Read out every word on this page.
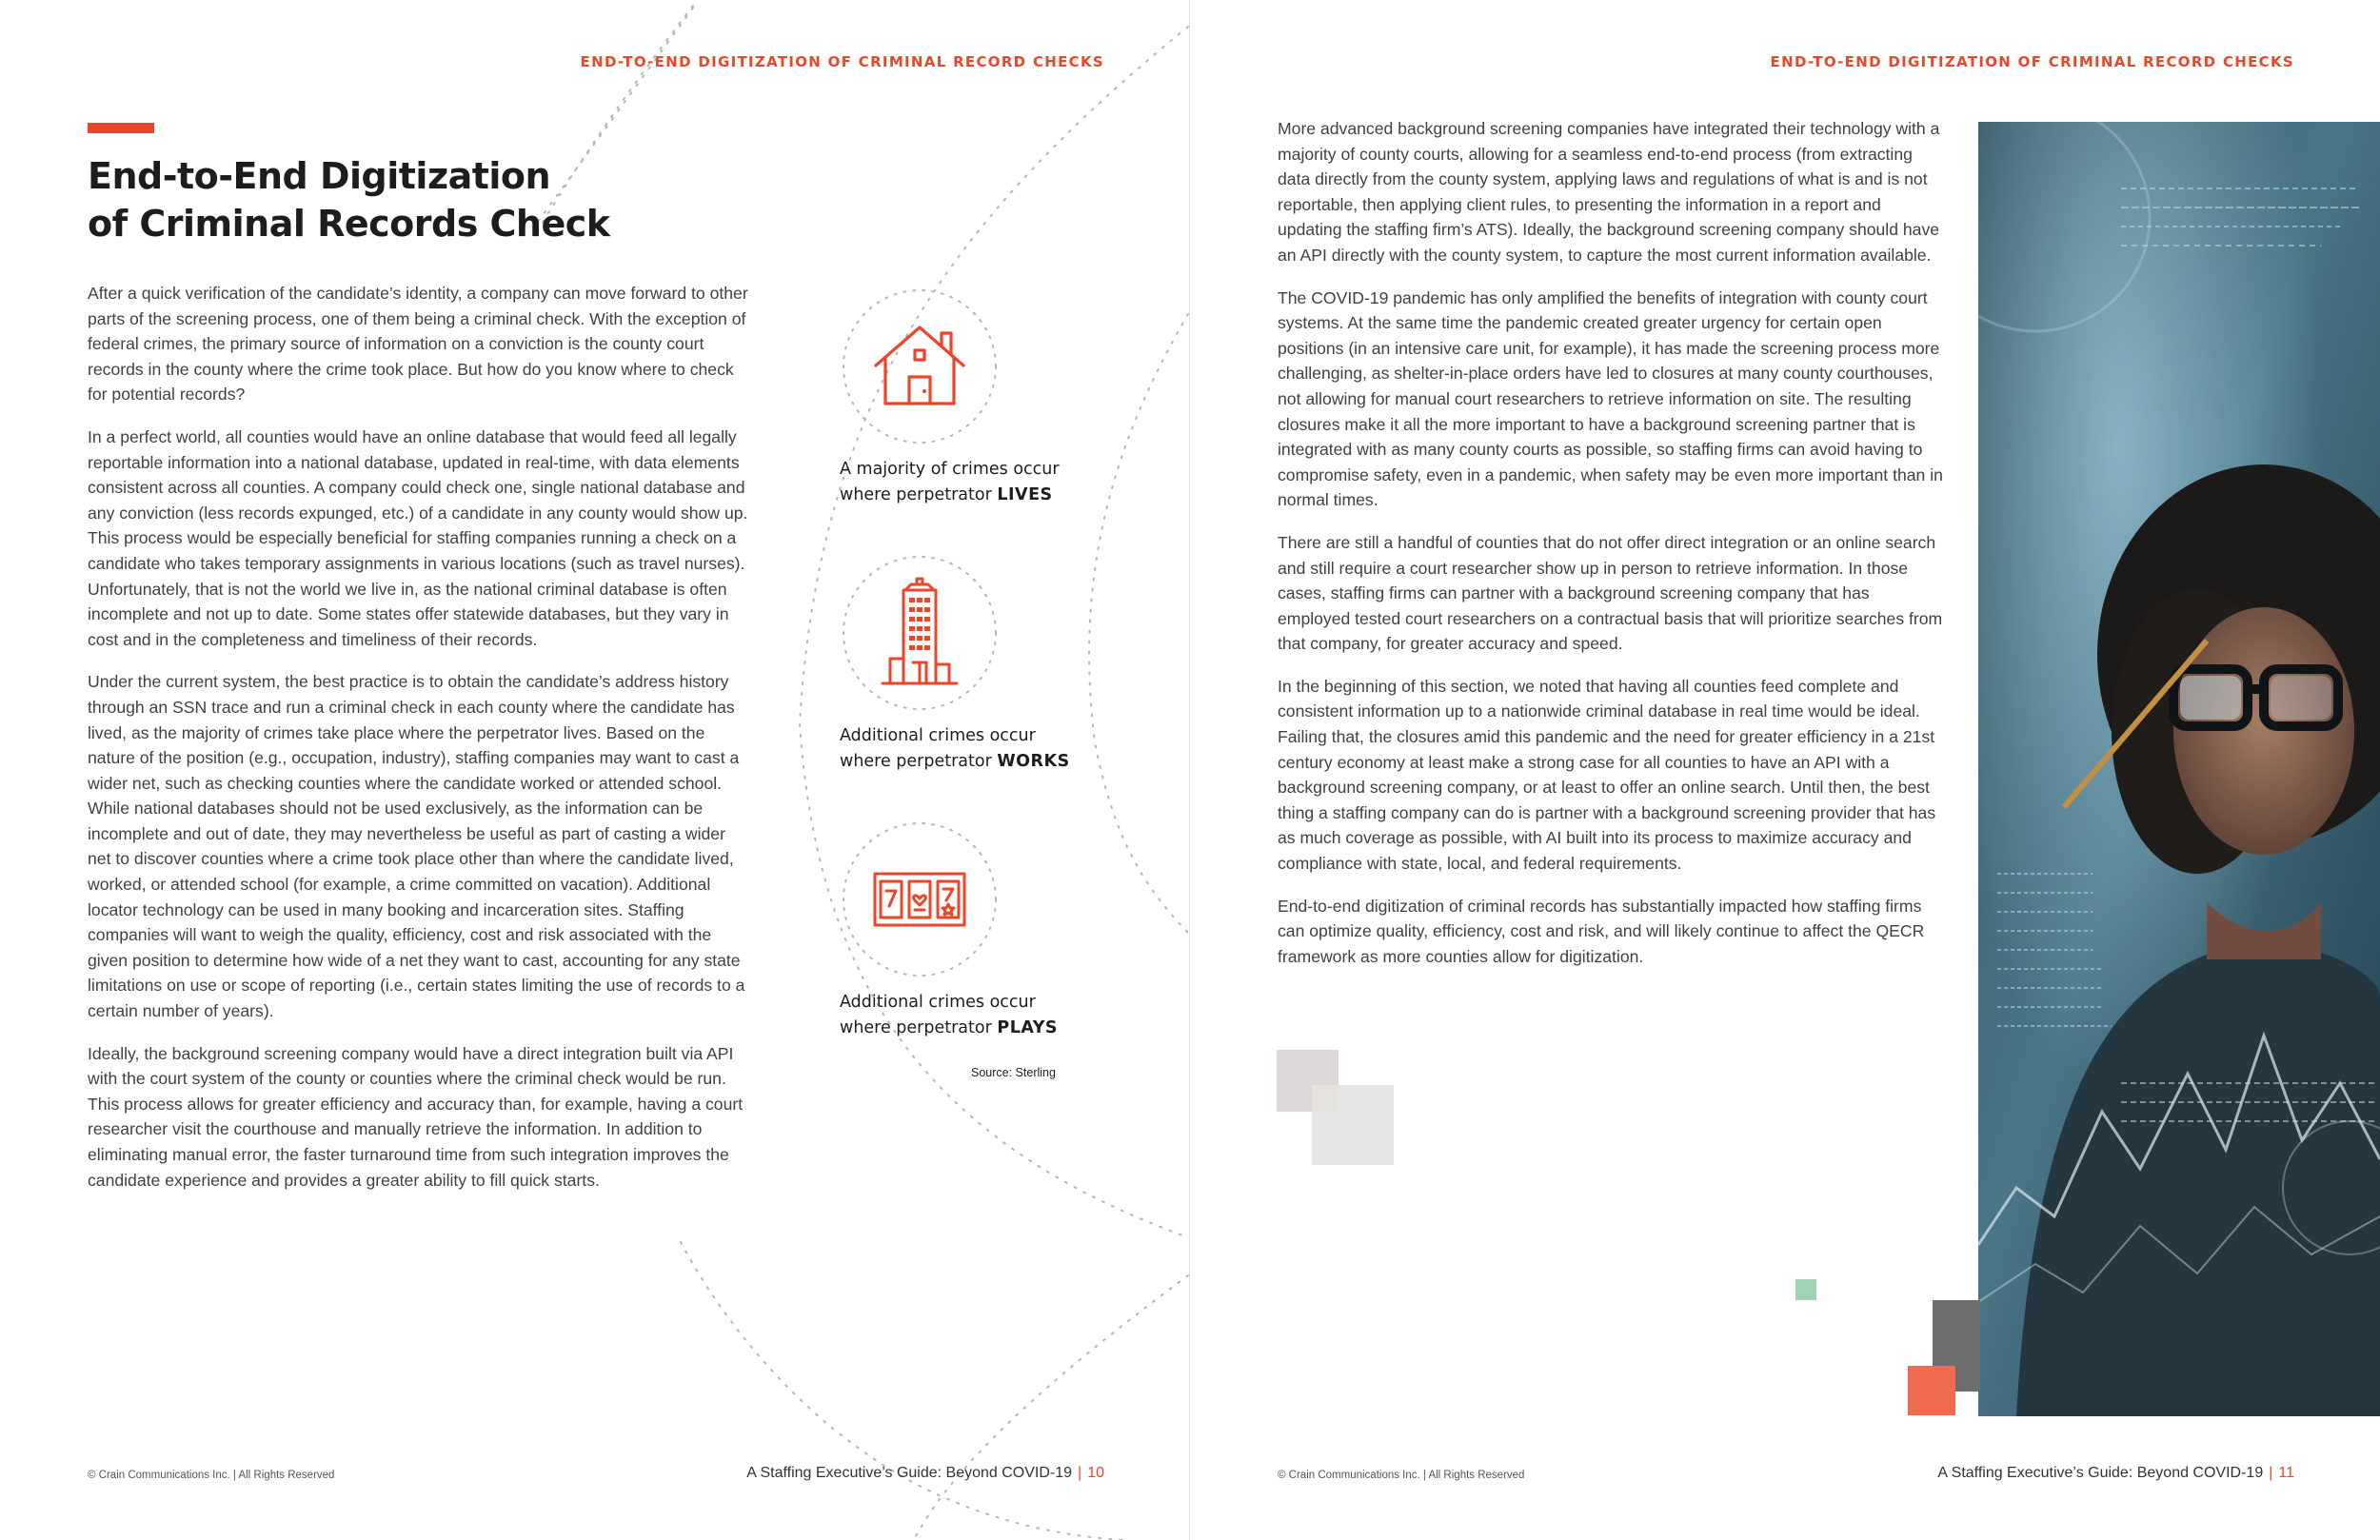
END-TO-END DIGITIZATION OF CRIMINAL RECORD CHECKS
End-to-End Digitization
of Criminal Records Check

After a quick verification of the candidate’s identity, a company can move forward to other parts of the screening process, one of them being a criminal check. With the exception of federal crimes, the primary source of information on a conviction is the county court records in the county where the crime took place. But how do you know where to check for potential records?

In a perfect world, all counties would have an online database that would feed all legally reportable information into a national database, updated in real-time, with data elements consistent across all counties. A company could check one, single national database and any conviction (less records expunged, etc.) of a candidate in any county would show up. This process would be especially beneficial for staffing companies running a check on a candidate who takes temporary assignments in various locations (such as travel nurses). Unfortunately, that is not the world we live in, as the national criminal database is often incomplete and not up to date. Some states offer statewide databases, but they vary in cost and in the completeness and timeliness of their records.

Under the current system, the best practice is to obtain the candidate’s address history through an SSN trace and run a criminal check in each county where the candidate has lived, as the majority of crimes take place where the perpetrator lives. Based on the nature of the position (e.g., occupation, industry), staffing companies may want to cast a wider net, such as checking counties where the candidate worked or attended school. While national databases should not be used exclusively, as the information can be incomplete and out of date, they may nevertheless be useful as part of casting a wider net to discover counties where a crime took place other than where the candidate lived, worked, or attended school (for example, a crime committed on vacation). Additional locator technology can be used in many booking and incarceration sites. Staffing companies will want to weigh the quality, efficiency, cost and risk associated with the given position to determine how wide of a net they want to cast, accounting for any state limitations on use or scope of reporting (i.e., certain states limiting the use of records to a certain number of years).

Ideally, the background screening company would have a direct integration built via API with the court system of the county or counties where the criminal check would be run. This process allows for greater efficiency and accuracy than, for example, having a court researcher visit the courthouse and manually retrieve the information. In addition to eliminating manual error, the faster turnaround time from such integration improves the candidate experience and provides a greater ability to fill quick starts.

A majority of crimes occur
where perpetrator LIVES
Additional crimes occur
where perpetrator WORKS
Additional crimes occur
where perpetrator PLAYS
Source: Sterling
© Crain Communications Inc. | All Rights Reserved	A Staffing Executive’s Guide: Beyond COVID-19 | 10
END-TO-END DIGITIZATION OF CRIMINAL RECORD CHECKS

More advanced background screening companies have integrated their technology with a majority of county courts, allowing for a seamless end-to-end process (from extracting data directly from the county system, applying laws and regulations of what is and is not reportable, then applying client rules, to presenting the information in a report and updating the staffing firm’s ATS). Ideally, the background screening company should have an API directly with the county system, to capture the most current information available.

The COVID-19 pandemic has only amplified the benefits of integration with county court systems. At the same time the pandemic created greater urgency for certain open positions (in an intensive care unit, for example), it has made the screening process more challenging, as shelter-in-place orders have led to closures at many county courthouses, not allowing for manual court researchers to retrieve information on site. The resulting closures make it all the more important to have a background screening partner that is integrated with as many county courts as possible, so staffing firms can avoid having to compromise safety, even in a pandemic, when safety may be even more important than in normal times.

There are still a handful of counties that do not offer direct integration or an online search and still require a court researcher show up in person to retrieve information. In those cases, staffing firms can partner with a background screening company that has employed tested court researchers on a contractual basis that will prioritize searches from that company, for greater accuracy and speed.

In the beginning of this section, we noted that having all counties feed complete and consistent information up to a nationwide criminal database in real time would be ideal. Failing that, the closures amid this pandemic and the need for greater efficiency in a 21st century economy at least make a strong case for all counties to have an API with a background screening company, or at least to offer an online search. Until then, the best thing a staffing company can do is partner with a background screening provider that has as much coverage as possible, with AI built into its process to maximize accuracy and compliance with state, local, and federal requirements.

End-to-end digitization of criminal records has substantially impacted how staffing firms can optimize quality, efficiency, cost and risk, and will likely continue to affect the QECR framework as more counties allow for digitization.

© Crain Communications Inc. | All Rights Reserved	A Staffing Executive’s Guide: Beyond COVID-19 | 11
